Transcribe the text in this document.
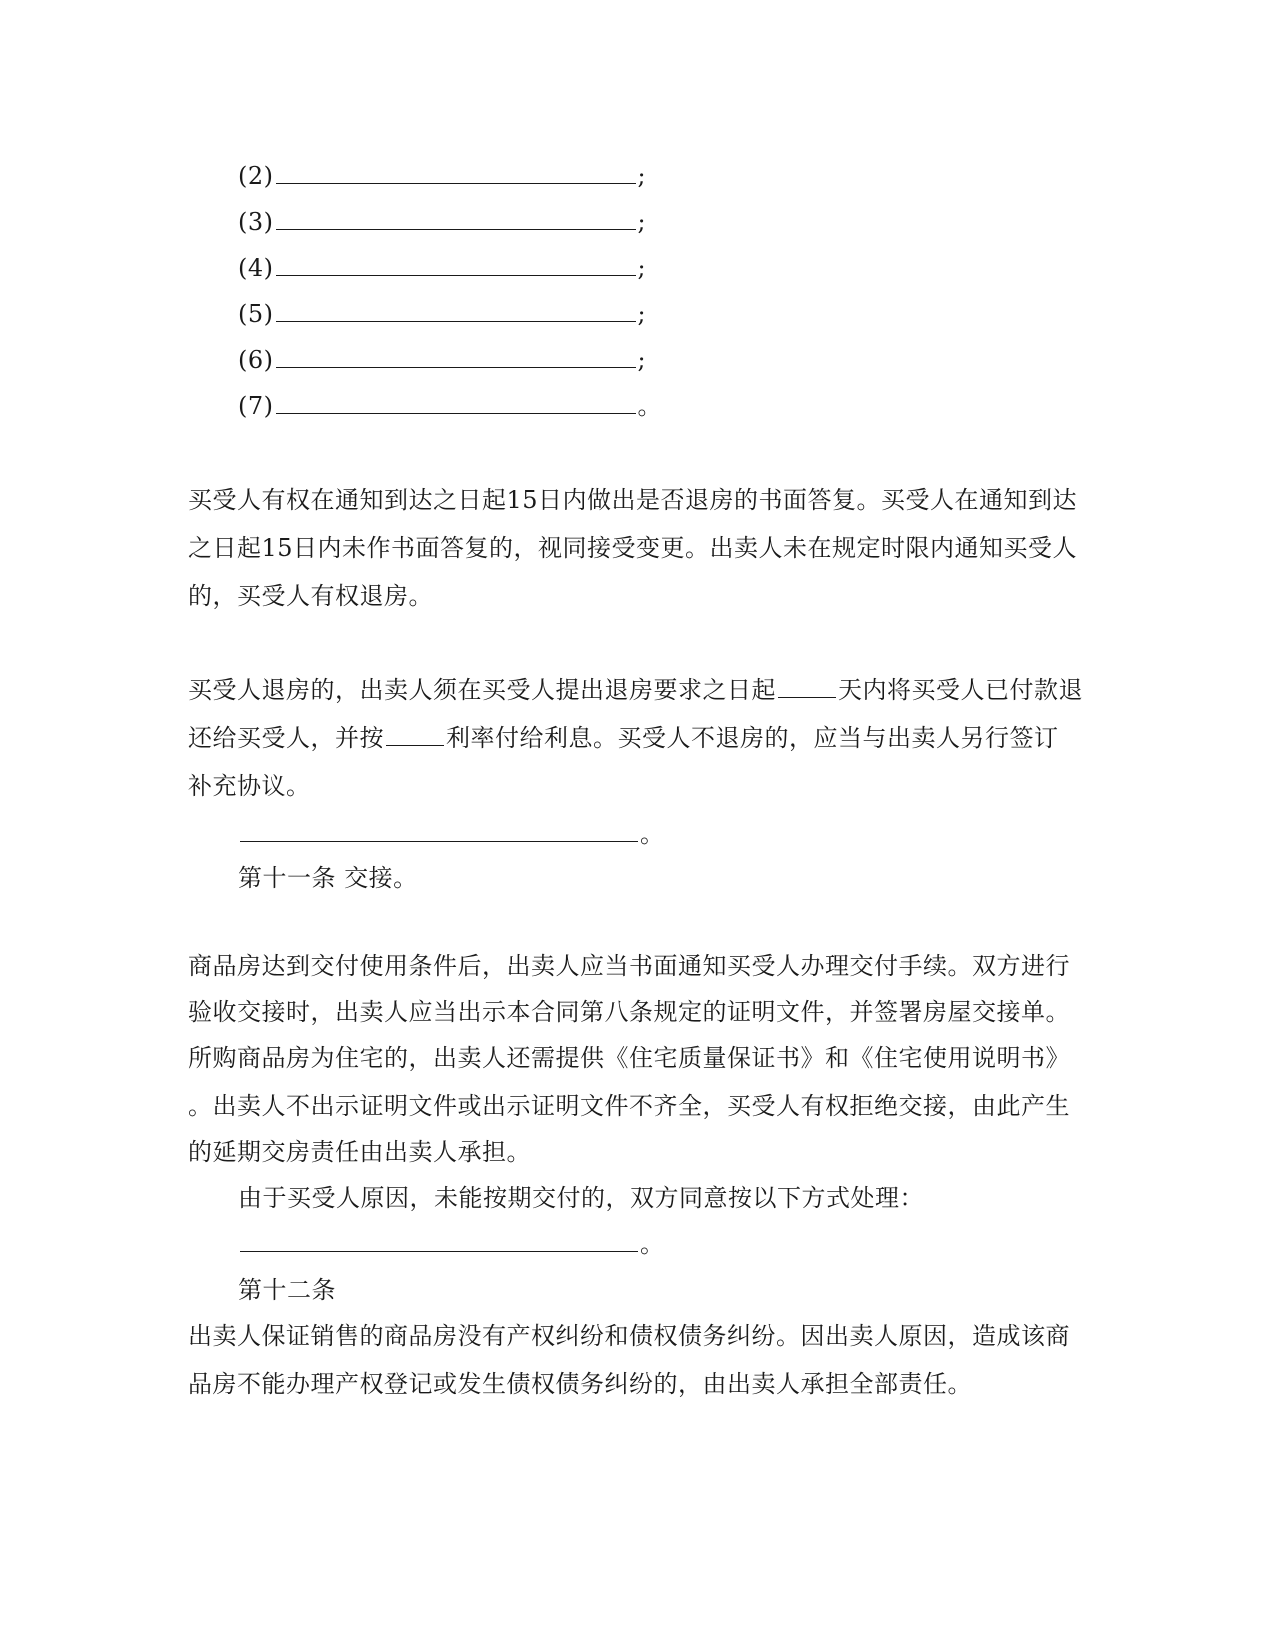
(2)	;
(3)	;
(4)	;
(5)	;
(6)	;
(7)	。
买受人有权在通知到达之日起15日内做出是否退房的书面答复。买受人在通知到达
之日起15日内未作书面答复的，视同接受变更。出卖人未在规定时限内通知买受人
的，买受人有权退房。
买受人退房的，出卖人须在买受人提出退房要求之日起	天内将买受人已付款退
还给买受人，并按	利率付给利息。买受人不退房的，应当与出卖人另行签订
补充协议。
。
第十一条 交接。
商品房达到交付使用条件后，出卖人应当书面通知买受人办理交付手续。双方进行
验收交接时，出卖人应当出示本合同第八条规定的证明文件，并签署房屋交接单。
所购商品房为住宅的，出卖人还需提供《住宅质量保证书》和《住宅使用说明书》
。出卖人不出示证明文件或出示证明文件不齐全，买受人有权拒绝交接，由此产生
的延期交房责任由出卖人承担。
由于买受人原因，未能按期交付的，双方同意按以下方式处理：
。
第十二条
出卖人保证销售的商品房没有产权纠纷和债权债务纠纷。因出卖人原因，造成该商
品房不能办理产权登记或发生债权债务纠纷的，由出卖人承担全部责任。
